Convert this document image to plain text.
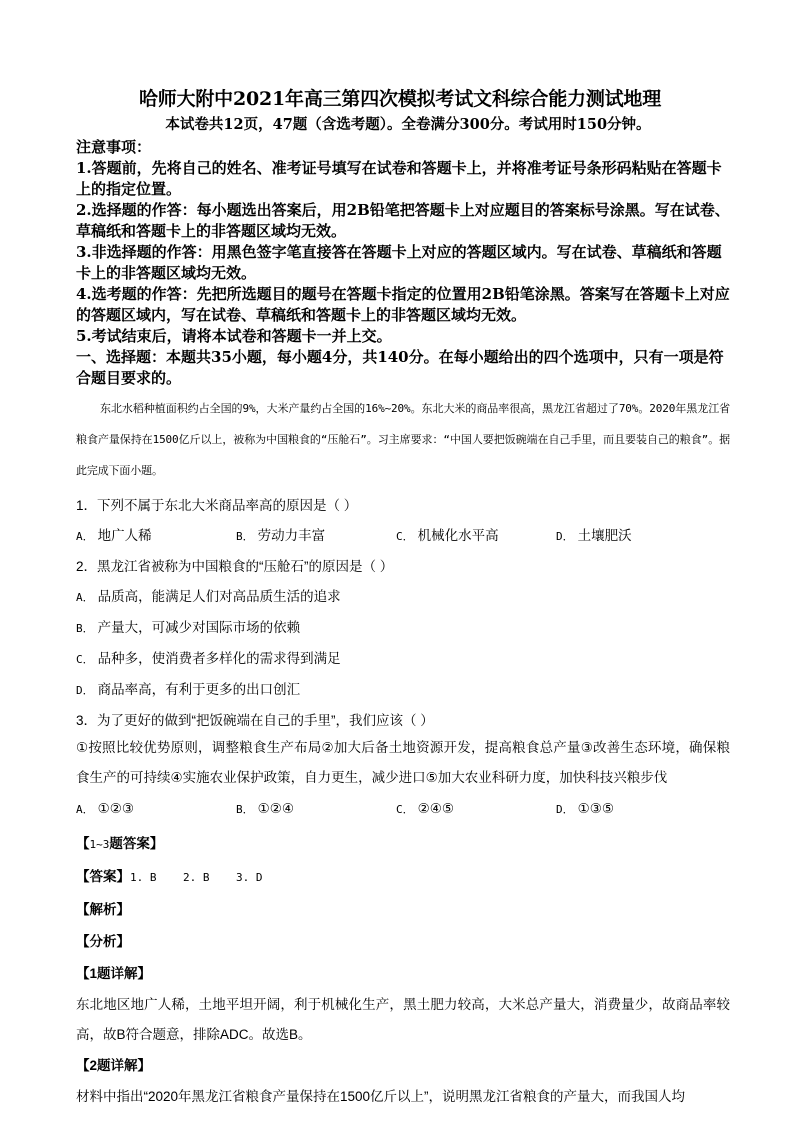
哈师大附中2021年高三第四次模拟考试文科综合能力测试地理
本试卷共12页，47题（含选考题）。全卷满分300分。考试用时150分钟。
注意事项：

1.答题前，先将自己的姓名、准考证号填写在试卷和答题卡上，并将准考证号条形码粘贴在答题卡上的指定位置。

2.选择题的作答：每小题选出答案后，用2B铅笔把答题卡上对应题目的答案标号涂黑。写在试卷、草稿纸和答题卡上的非答题区域均无效。

3.非选择题的作答：用黑色签字笔直接答在答题卡上对应的答题区域内。写在试卷、草稿纸和答题卡上的非答题区域均无效。

4.选考题的作答：先把所选题目的题号在答题卡指定的位置用2B铅笔涂黑。答案写在答题卡上对应的答题区域内，写在试卷、草稿纸和答题卡上的非答题区域均无效。

5.考试结束后，请将本试卷和答题卡一并上交。

一、选择题：本题共35小题，每小题4分，共140分。在每小题给出的四个选项中，只有一项是符合题目要求的。
东北水稻种植面积约占全国的9%，大米产量约占全国的16%~20%。东北大米的商品率很高，黑龙江省超过了70%。2020年黑龙江省粮食产量保持在1500亿斤以上，被称为中国粮食的“压舱石”。习主席要求：“中国人要把饭碗端在自己手里，而且要装自己的粮食”。据此完成下面小题。
1．下列不属于东北大米商品率高的原因是（ ）
A． 地广人稀	B． 劳动力丰富	C． 机械化水平高	D． 土壤肥沃
2．黑龙江省被称为中国粮食的“压舱石”的原因是（ ）
A． 品质高，能满足人们对高品质生活的追求
B． 产量大，可减少对国际市场的依赖
C． 品种多，使消费者多样化的需求得到满足
D． 商品率高，有利于更多的出口创汇
3．为了更好的做到“把饭碗端在自己的手里”，我们应该（ ）
①按照比较优势原则，调整粮食生产布局②加大后备土地资源开发，提高粮食总产量③改善生态环境，确保粮食生产的可持续④实施农业保护政策，自力更生，减少进口⑤加大农业科研力度，加快科技兴粮步伐
A． ①②③	B． ①②④	C． ②④⑤	D． ①③⑤
【1~3题答案】
【答案】1. B    2. B    3. D
【解析】
【分析】
【1题详解】
东北地区地广人稀，土地平坦开阔，利于机械化生产，黑土肥力较高，大米总产量大，消费量少，故商品率较高，故B符合题意，排除ADC。故选B。
【2题详解】
材料中指出“2020年黑龙江省粮食产量保持在1500亿斤以上”，说明黑龙江省粮食的产量大，而我国人均
